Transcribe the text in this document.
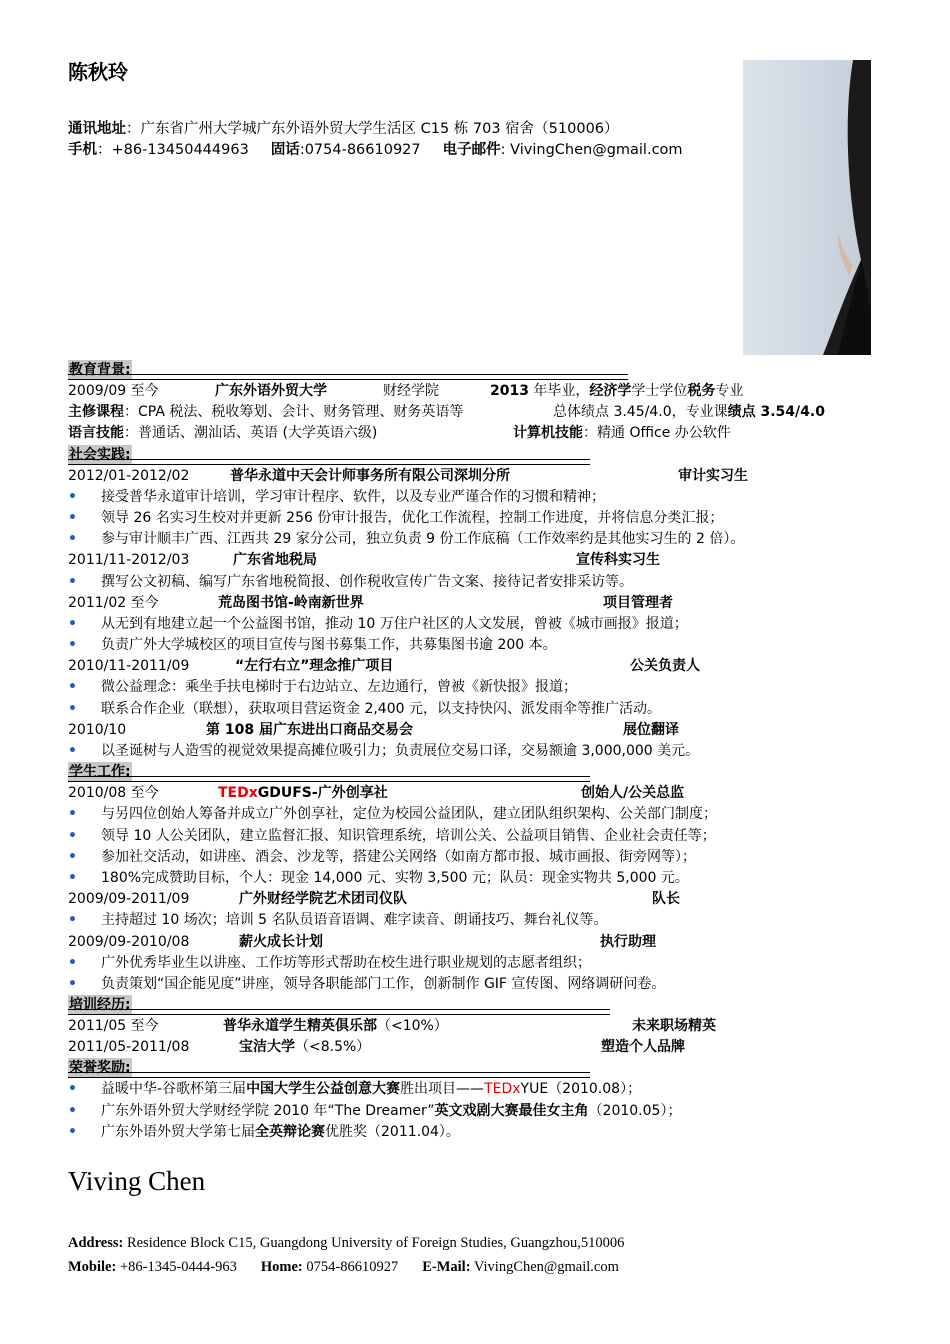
陈秋玲
通讯地址：广东省广州大学城广东外语外贸大学生活区 C15 栋 703 宿舍（510006）
手机：+86-13450444963 固话:0754-86610927 电子邮件: VivingChen@gmail.com
教育背景:
2009/09 至今	广东外语外贸大学	财经学院	2013 年毕业，经济学学士学位税务专业
主修课程：CPA 税法、税收筹划、会计、财务管理、财务英语等	总体绩点 3.45/4.0，专业课绩点 3.54/4.0
语言技能：普通话、潮汕话、英语 (大学英语六级)	计算机技能：精通 Office 办公软件
社会实践:
2012/01-2012/02	普华永道中天会计师事务所有限公司深圳分所	审计实习生
• 接受普华永道审计培训，学习审计程序、软件，以及专业严谨合作的习惯和精神；
• 领导 26 名实习生校对并更新 256 份审计报告，优化工作流程，控制工作进度，并将信息分类汇报；
• 参与审计顺丰广西、江西共 29 家分公司，独立负责 9 份工作底稿（工作效率约是其他实习生的 2 倍）。
2011/11-2012/03	广东省地税局	宣传科实习生
• 撰写公文初稿、编写广东省地税简报、创作税收宣传广告文案、接待记者安排采访等。
2011/02 至今	荒岛图书馆-岭南新世界	项目管理者
• 从无到有地建立起一个公益图书馆，推动 10 万住户社区的人文发展，曾被《城市画报》报道；
• 负责广外大学城校区的项目宣传与图书募集工作，共募集图书逾 200 本。
2010/11-2011/09	“左行右立”理念推广项目	公关负责人
• 微公益理念：乘坐手扶电梯时于右边站立、左边通行，曾被《新快报》报道；
• 联系合作企业（联想），获取项目营运资金 2,400 元，以支持快闪、派发雨伞等推广活动。
2010/10	第 108 届广东进出口商品交易会	展位翻译
• 以圣诞树与人造雪的视觉效果提高摊位吸引力；负责展位交易口译，交易额逾 3,000,000 美元。
学生工作:
2010/08 至今	TEDxGDUFS-广外创享社	创始人/公关总监
• 与另四位创始人筹备并成立广外创享社，定位为校园公益团队，建立团队组织架构、公关部门制度；
• 领导 10 人公关团队，建立监督汇报、知识管理系统，培训公关、公益项目销售、企业社会责任等；
• 参加社交活动，如讲座、酒会、沙龙等，搭建公关网络（如南方都市报、城市画报、街旁网等）；
• 180%完成赞助目标，个人：现金 14,000 元、实物 3,500 元；队员：现金实物共 5,000 元。
2009/09-2011/09	广外财经学院艺术团司仪队	队长
• 主持超过 10 场次；培训 5 名队员语音语调、难字读音、朗诵技巧、舞台礼仪等。
2009/09-2010/08	薪火成长计划	执行助理
• 广外优秀毕业生以讲座、工作坊等形式帮助在校生进行职业规划的志愿者组织；
• 负责策划“国企能见度”讲座，领导各职能部门工作，创新制作 GIF 宣传图、网络调研问卷。
培训经历:
2011/05 至今	普华永道学生精英俱乐部（<10%）	未来职场精英
2011/05-2011/08	宝洁大学（<8.5%）	塑造个人品牌
荣誉奖励:
• 益暖中华-谷歌杯第三届中国大学生公益创意大赛胜出项目——TEDxYUE（2010.08）；
• 广东外语外贸大学财经学院 2010 年“The Dreamer”英文戏剧大赛最佳女主角（2010.05）；
• 广东外语外贸大学第七届全英辩论赛优胜奖（2011.04）。
Viving Chen
Address: Residence Block C15, Guangdong University of Foreign Studies, Guangzhou,510006
Mobile: +86-1345-0444-963 Home: 0754-86610927 E-Mail: VivingChen@gmail.com
